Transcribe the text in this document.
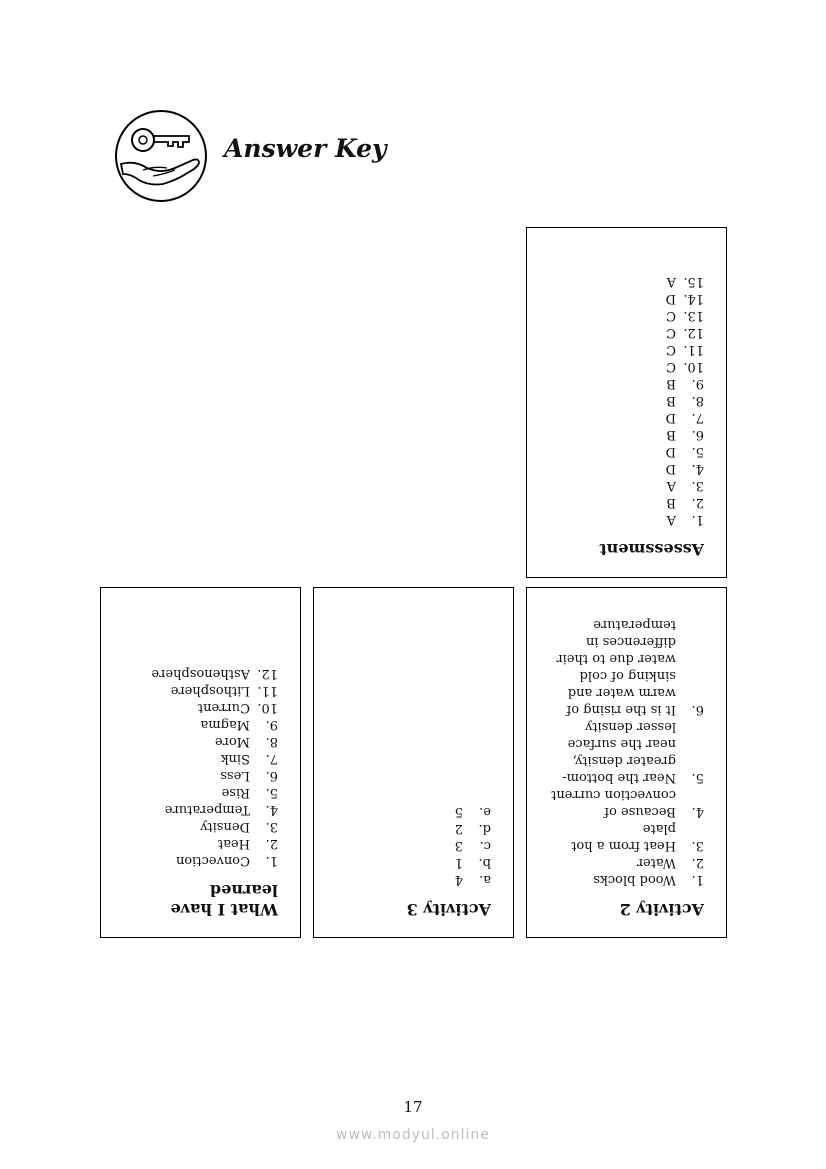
Answer Key
Assessment
1.
A
2.
B
3.
A
4.
D
5.
D
6.
B
7.
D
8.
B
9.
B
10.
C
11.
C
12.
C
13.
C
14.
D
15.
A
Activity 2
1.
Wood blocks
2.
Water
3.
Heat from a hot plate
4.
Because of convection current
5.
Near the bottom-greater density, near the surface lesser density
6.
It is the rising of warm water and sinking of cold water due to their differences in temperature
Activity 3
a.
4
b.
1
c.
3
d.
2
e.
5
What I have learned
1.
Convection
2.
Heat
3.
Density
4.
Temperature
5.
Rise
6.
Less
7.
Sink
8.
More
9.
Magma
10.
Current
11.
Lithosphere
12.
Asthenosphere
17
www.modyul.online
